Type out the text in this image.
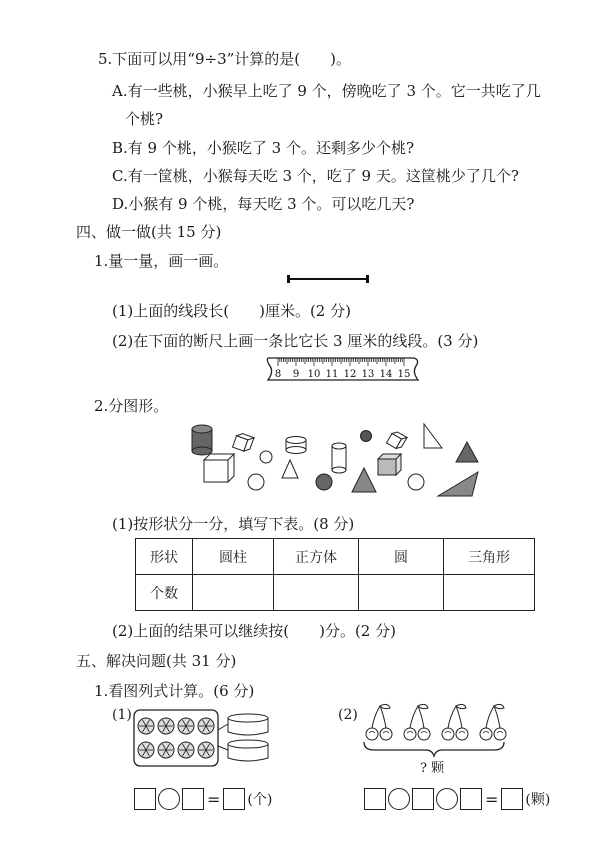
5.下面可以用“9÷3”计算的是(　　)。
A.有一些桃，小猴早上吃了 9 个，傍晚吃了 3 个。它一共吃了几
个桃?
B.有 9 个桃，小猴吃了 3 个。还剩多少个桃?
C.有一筐桃，小猴每天吃 3 个，吃了 9 天。这筐桃少了几个?
D.小猴有 9 个桃，每天吃 3 个。可以吃几天?
四、做一做(共 15 分)
1.量一量，画一画。
(1)上面的线段长(　　)厘米。(2 分)
(2)在下面的断尺上画一条比它长 3 厘米的线段。(3 分)
8 9 10 11 12 13 14 15
2.分图形。
(1)按形状分一分，填写下表。(8 分)
形状	圆柱	正方体	圆	三角形
个数				
(2)上面的结果可以继续按(　　)分。(2 分)
五、解决问题(共 31 分)
1.看图列式计算。(6 分)
(1)	(2)
? 颗
= (个)	= (颗)
